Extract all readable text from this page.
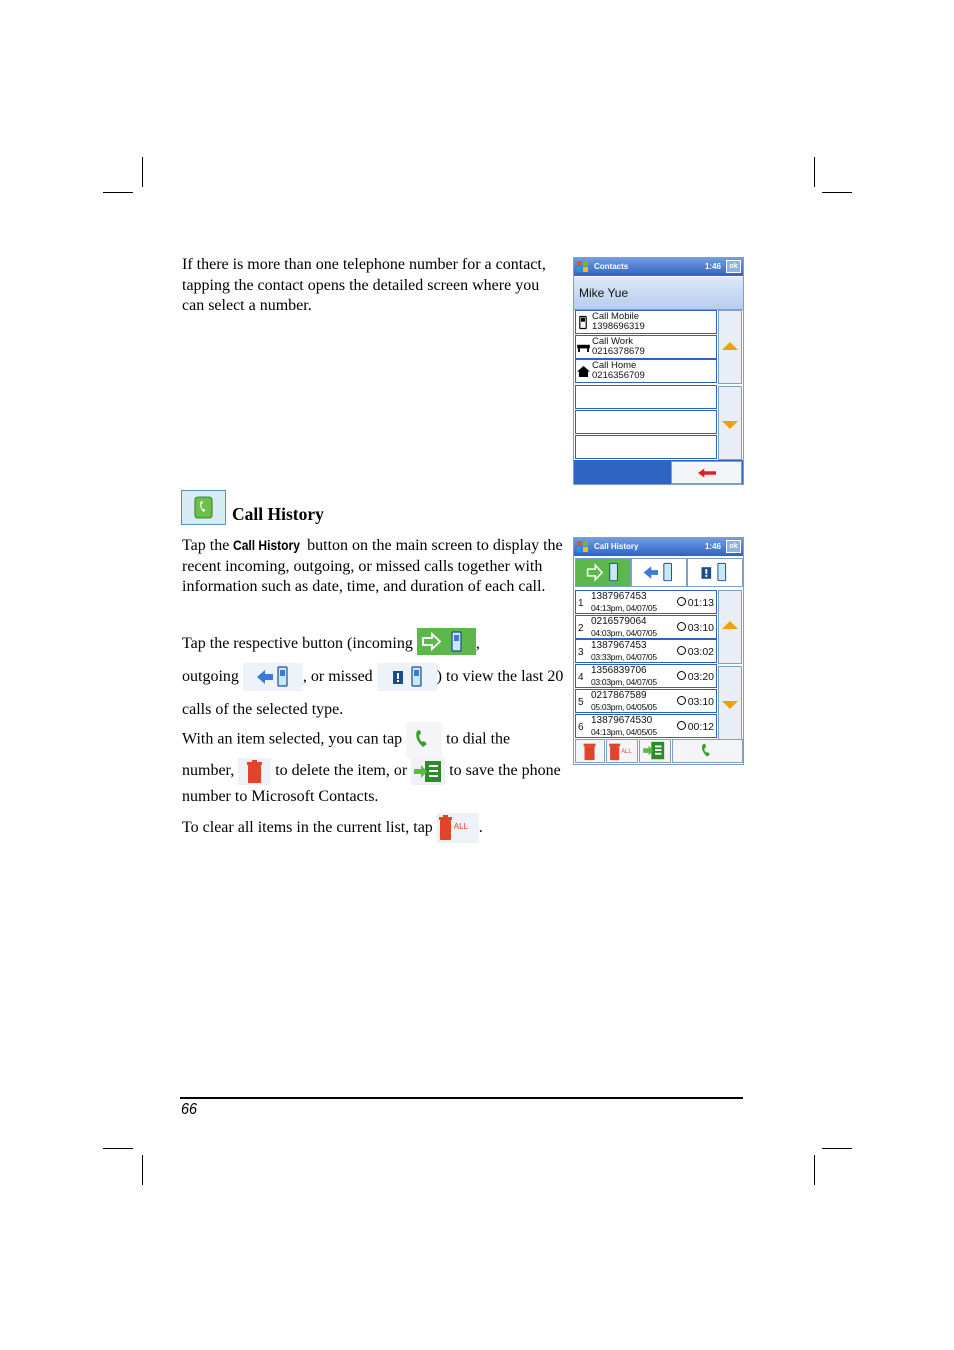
If there is more than one telephone number for a contact, tapping the contact opens the detailed screen where you can select a number.
Contacts	1:46	ok
Mike Yue
Call Mobile
1398696319
Call Work
0216378679
Call Home
0216356709
Call History
Tap the Call History button on the main screen to display the recent incoming, outgoing, or missed calls together with information such as date, time, and duration of each call.
Tap the respective button (incoming	,
outgoing	, or missed	) to view the last 20 calls of the selected type.
With an item selected, you can tap
to dial the number,
to delete the item, or
to save the phone number to Microsoft Contacts.
To clear all items in the current list, tap ALL .
Call History	1:46	ok
1
1387967453
04:13pm, 04/07/05	01:13
2
0216579064
04:03pm, 04/07/05	03:10
3
1387967453
03:33pm, 04/07/05	03:02
4
1356839706
03:03pm, 04/07/05	03:20
5
0217867589
05:03pm, 04/05/05	03:10
6
13879674530
04:13pm, 04/05/05	00:12
ALL
66
